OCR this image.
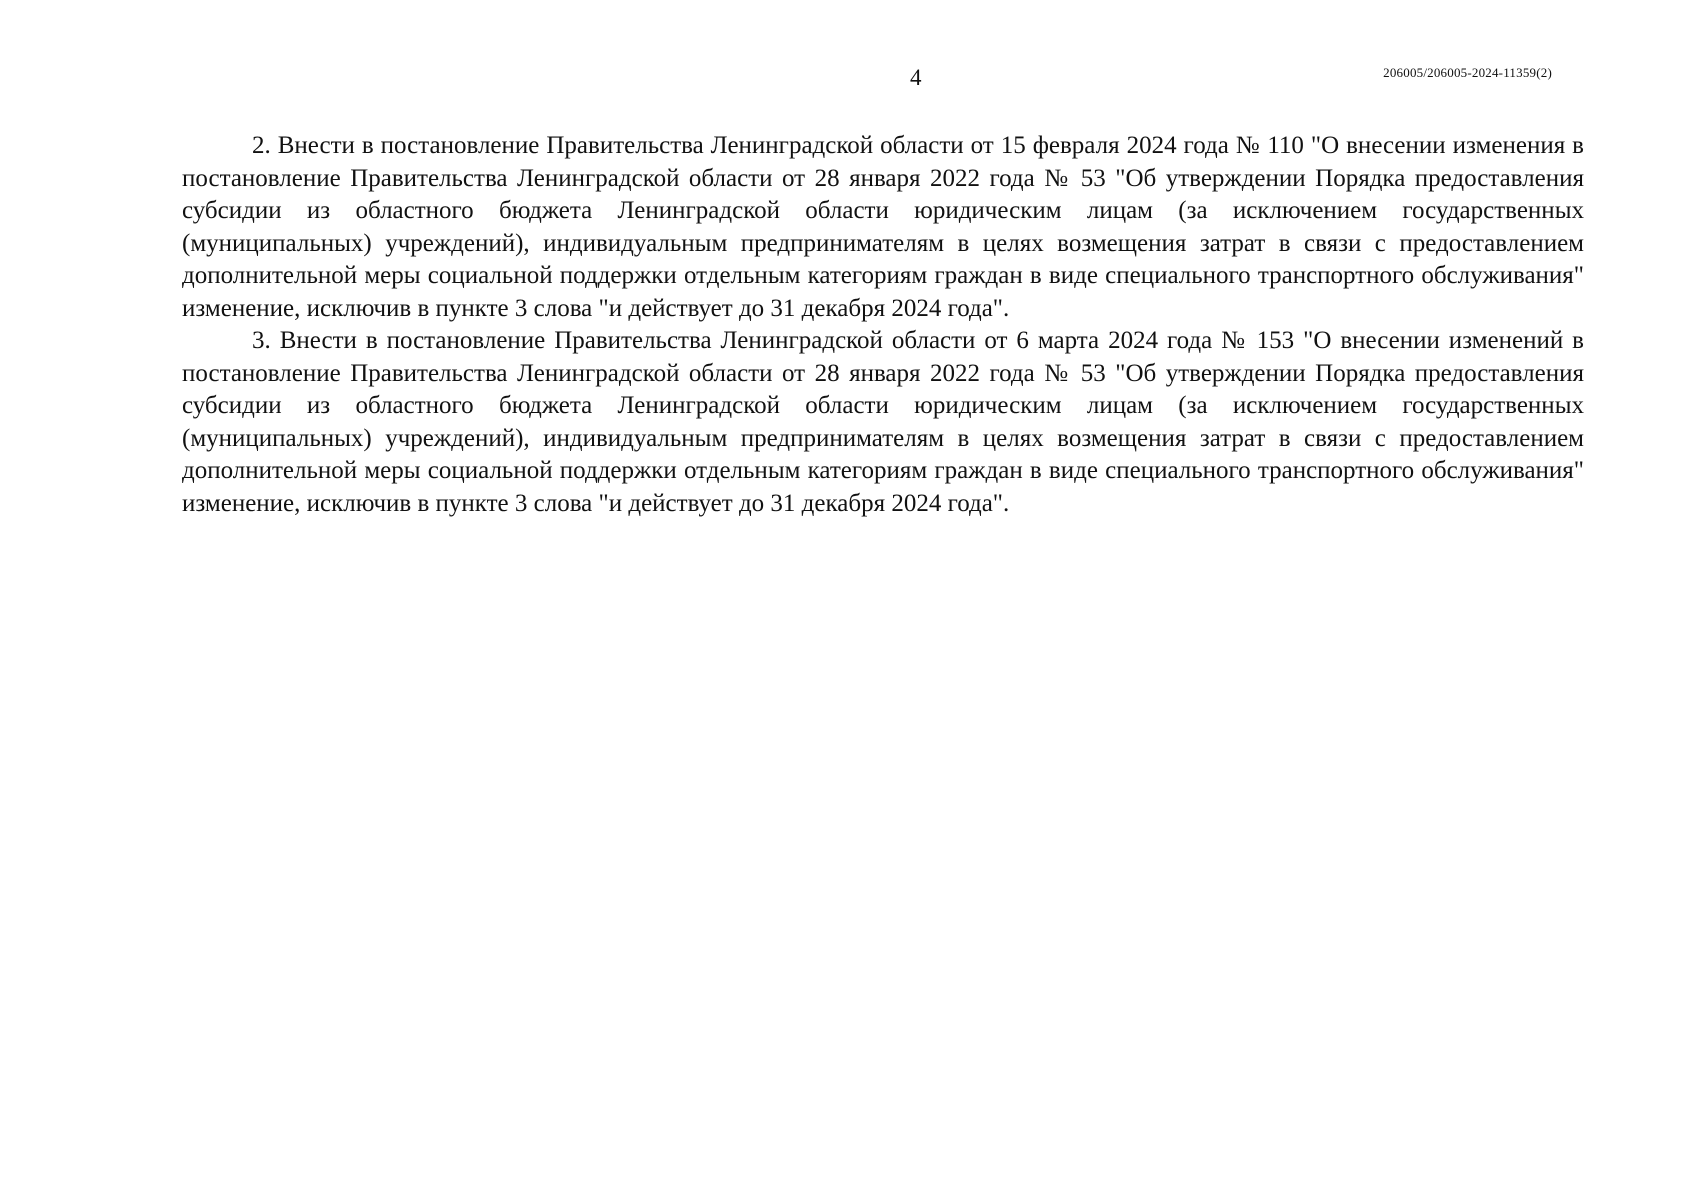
4	206005/206005-2024-11359(2)

2. Внести в постановление Правительства Ленинградской области от 15 февраля 2024 года № 110 "О внесении изменения в постановление Правительства Ленинградской области от 28 января 2022 года № 53 "Об утверждении Порядка предоставления субсидии из областного бюджета Ленинградской области юридическим лицам (за исключением государственных (муниципальных) учреждений), индивидуальным предпринимателям в целях возмещения затрат в связи с предоставлением дополнительной меры социальной поддержки отдельным категориям граждан в виде специального транспортного обслуживания" изменение, исключив в пункте 3 слова "и действует до 31 декабря 2024 года".

3. Внести в постановление Правительства Ленинградской области от 6 марта 2024 года № 153 "О внесении изменений в постановление Правительства Ленинградской области от 28 января 2022 года № 53 "Об утверждении Порядка предоставления субсидии из областного бюджета Ленинградской области юридическим лицам (за исключением государственных (муниципальных) учреждений), индивидуальным предпринимателям в целях возмещения затрат в связи с предоставлением дополнительной меры социальной поддержки отдельным категориям граждан в виде специального транспортного обслуживания" изменение, исключив в пункте 3 слова "и действует до 31 декабря 2024 года".
